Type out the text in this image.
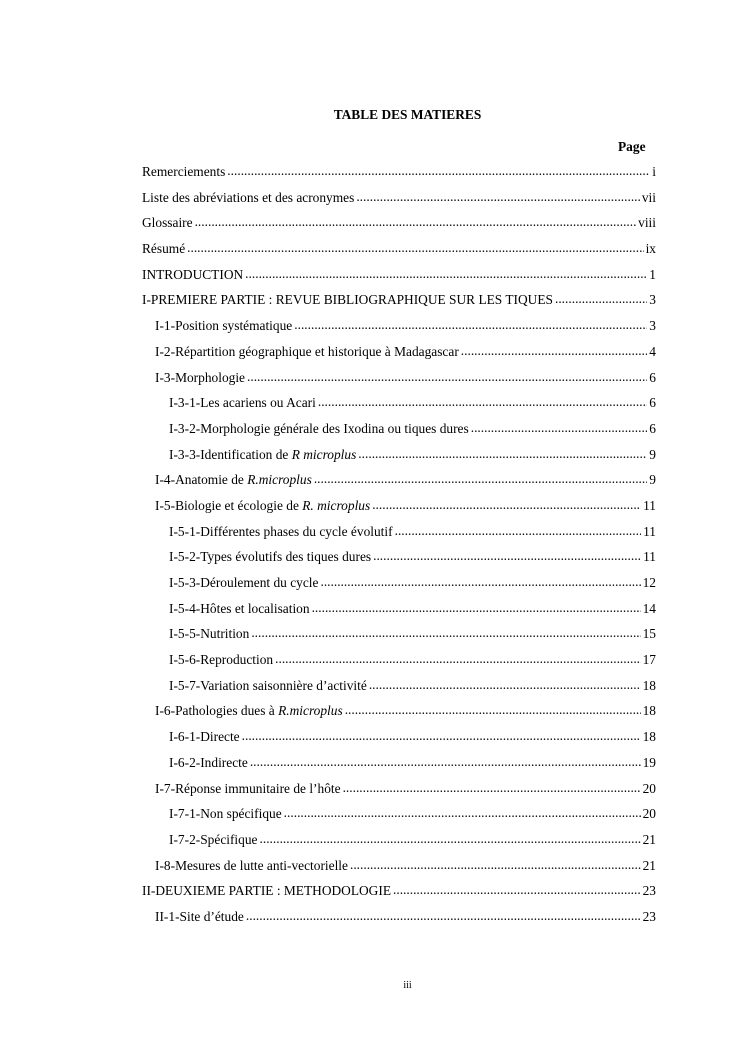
TABLE DES MATIERES
Page
Remerciements .....	i
Liste des abréviations et des acronymes .....	vii
Glossaire .....	viii
Résumé .....	ix
INTRODUCTION .....	1
I-PREMIERE PARTIE : REVUE BIBLIOGRAPHIQUE SUR LES TIQUES .....	3
I-1-Position systématique .....	3
I-2-Répartition géographique et historique à Madagascar .....	4
I-3-Morphologie .....	6
I-3-1-Les acariens ou Acari .....	6
I-3-2-Morphologie générale des Ixodina ou tiques dures .....	6
I-3-3-Identification de R microplus .....	9
I-4-Anatomie de R.microplus .....	9
I-5-Biologie et écologie de R. microplus .....	11
I-5-1-Différentes phases du cycle évolutif .....	11
I-5-2-Types évolutifs des tiques dures .....	11
I-5-3-Déroulement du cycle .....	12
I-5-4-Hôtes et localisation .....	14
I-5-5-Nutrition .....	15
I-5-6-Reproduction .....	17
I-5-7-Variation saisonnière d’activité .....	18
I-6-Pathologies dues à R.microplus .....	18
I-6-1-Directe .....	18
I-6-2-Indirecte .....	19
I-7-Réponse immunitaire de l’hôte .....	20
I-7-1-Non spécifique .....	20
I-7-2-Spécifique .....	21
I-8-Mesures de lutte anti-vectorielle .....	21
II-DEUXIEME PARTIE : METHODOLOGIE .....	23
II-1-Site d’étude .....	23
iii
